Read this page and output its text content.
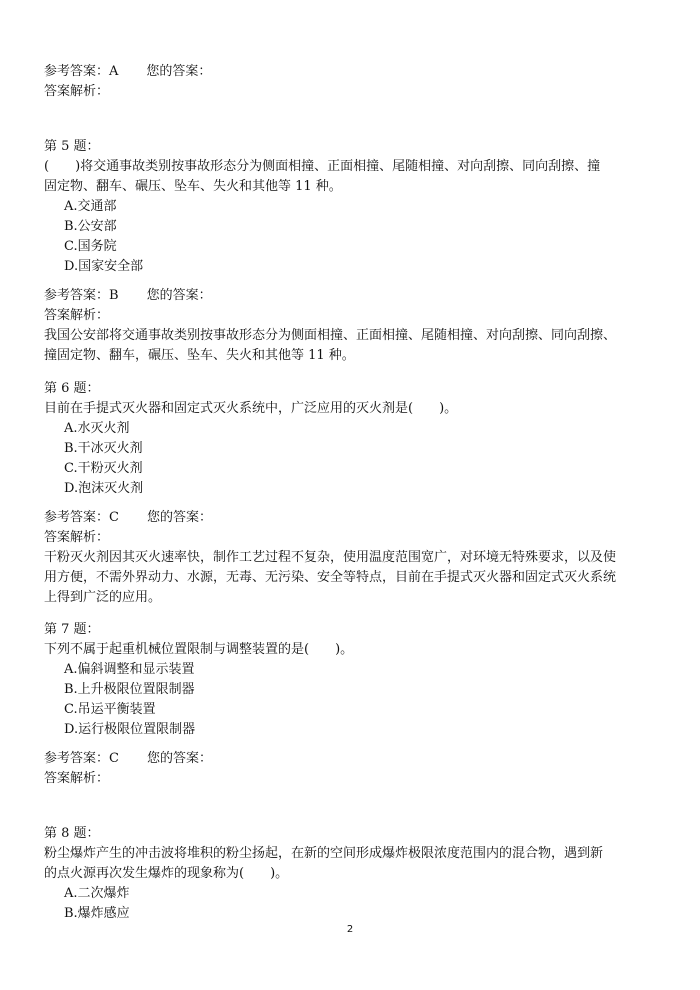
参考答案：A 您的答案：
答案解析：
第 5 题：
(　　)将交通事故类别按事故形态分为侧面相撞、正面相撞、尾随相撞、对向刮擦、同向刮擦、撞
固定物、翻车、碾压、坠车、失火和其他等 11 种。
A.交通部
B.公安部
C.国务院
D.国家安全部
参考答案：B 您的答案：
答案解析：
我国公安部将交通事故类别按事故形态分为侧面相撞、正面相撞、尾随相撞、对向刮擦、同向刮擦、
撞固定物、翻车，碾压、坠车、失火和其他等 11 种。
第 6 题：
目前在手提式灭火器和固定式灭火系统中，广泛应用的灭火剂是(　　)。
A.水灭火剂
B.干冰灭火剂
C.干粉灭火剂
D.泡沫灭火剂
参考答案：C 您的答案：
答案解析：
干粉灭火剂因其灭火速率快，制作工艺过程不复杂，使用温度范围宽广，对环境无特殊要求，以及使
用方便，不需外界动力、水源，无毒、无污染、安全等特点，目前在手提式灭火器和固定式灭火系统
上得到广泛的应用。
第 7 题：
下列不属于起重机械位置限制与调整装置的是(　　)。
A.偏斜调整和显示装置
B.上升极限位置限制器
C.吊运平衡装置
D.运行极限位置限制器
参考答案：C 您的答案：
答案解析：
第 8 题：
粉尘爆炸产生的冲击波将堆积的粉尘扬起，在新的空间形成爆炸极限浓度范围内的混合物，遇到新
的点火源再次发生爆炸的现象称为(　　)。
A.二次爆炸
B.爆炸感应
2
